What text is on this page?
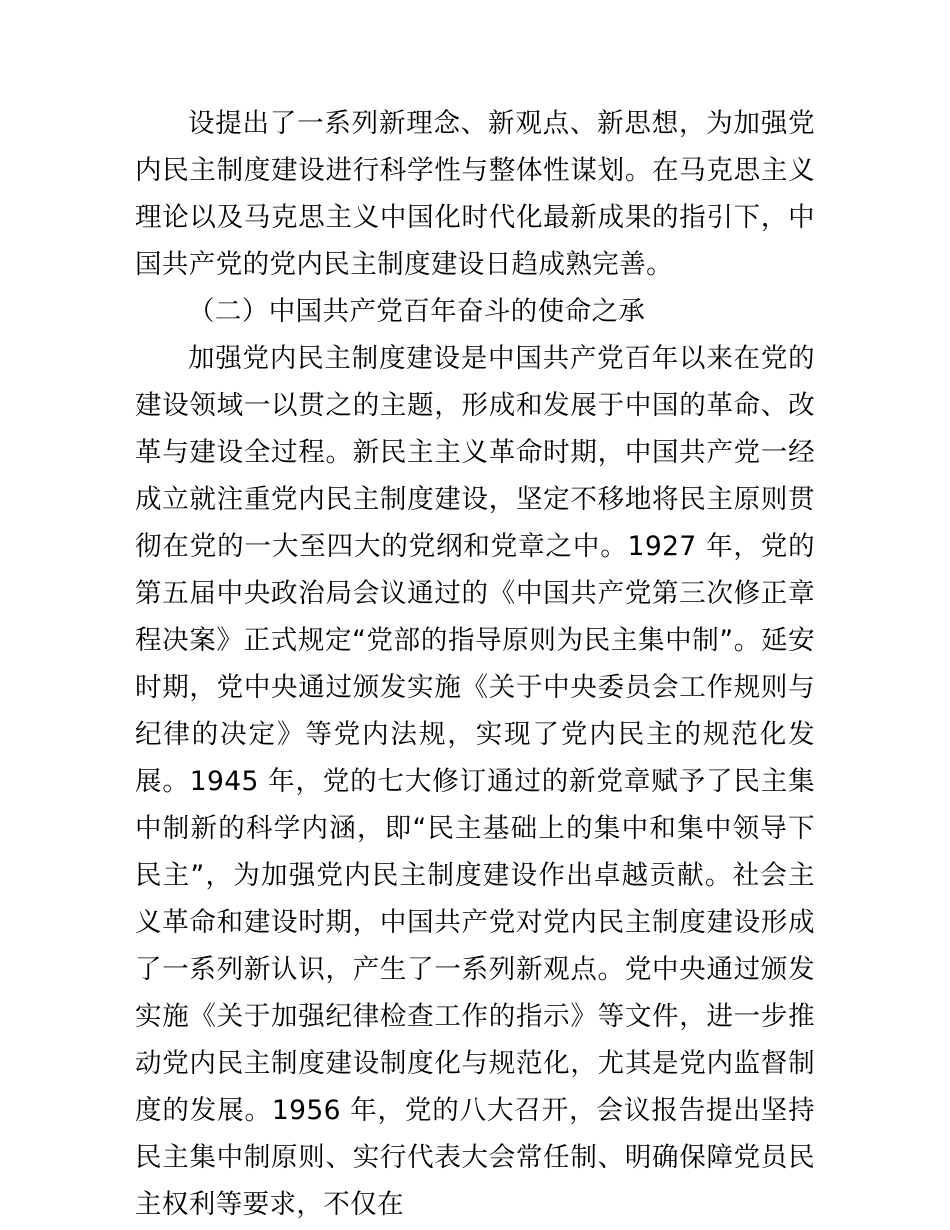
设提出了一系列新理念、新观点、新思想，为加强党内民主制度建设进行科学性与整体性谋划。在马克思主义理论以及马克思主义中国化时代化最新成果的指引下，中国共产党的党内民主制度建设日趋成熟完善。

（二）中国共产党百年奋斗的使命之承

加强党内民主制度建设是中国共产党百年以来在党的建设领域一以贯之的主题，形成和发展于中国的革命、改革与建设全过程。新民主主义革命时期，中国共产党一经成立就注重党内民主制度建设，坚定不移地将民主原则贯彻在党的一大至四大的党纲和党章之中。1927 年，党的第五届中央政治局会议通过的《中国共产党第三次修正章程决案》正式规定“党部的指导原则为民主集中制”。延安时期，党中央通过颁发实施《关于中央委员会工作规则与纪律的决定》等党内法规，实现了党内民主的规范化发展。1945 年，党的七大修订通过的新党章赋予了民主集中制新的科学内涵，即“民主基础上的集中和集中领导下民主”，为加强党内民主制度建设作出卓越贡献。社会主义革命和建设时期，中国共产党对党内民主制度建设形成了一系列新认识，产生了一系列新观点。党中央通过颁发实施《关于加强纪律检查工作的指示》等文件，进一步推动党内民主制度建设制度化与规范化，尤其是党内监督制度的发展。1956 年，党的八大召开，会议报告提出坚持民主集中制原则、实行代表大会常任制、明确保障党员民主权利等要求，不仅在
